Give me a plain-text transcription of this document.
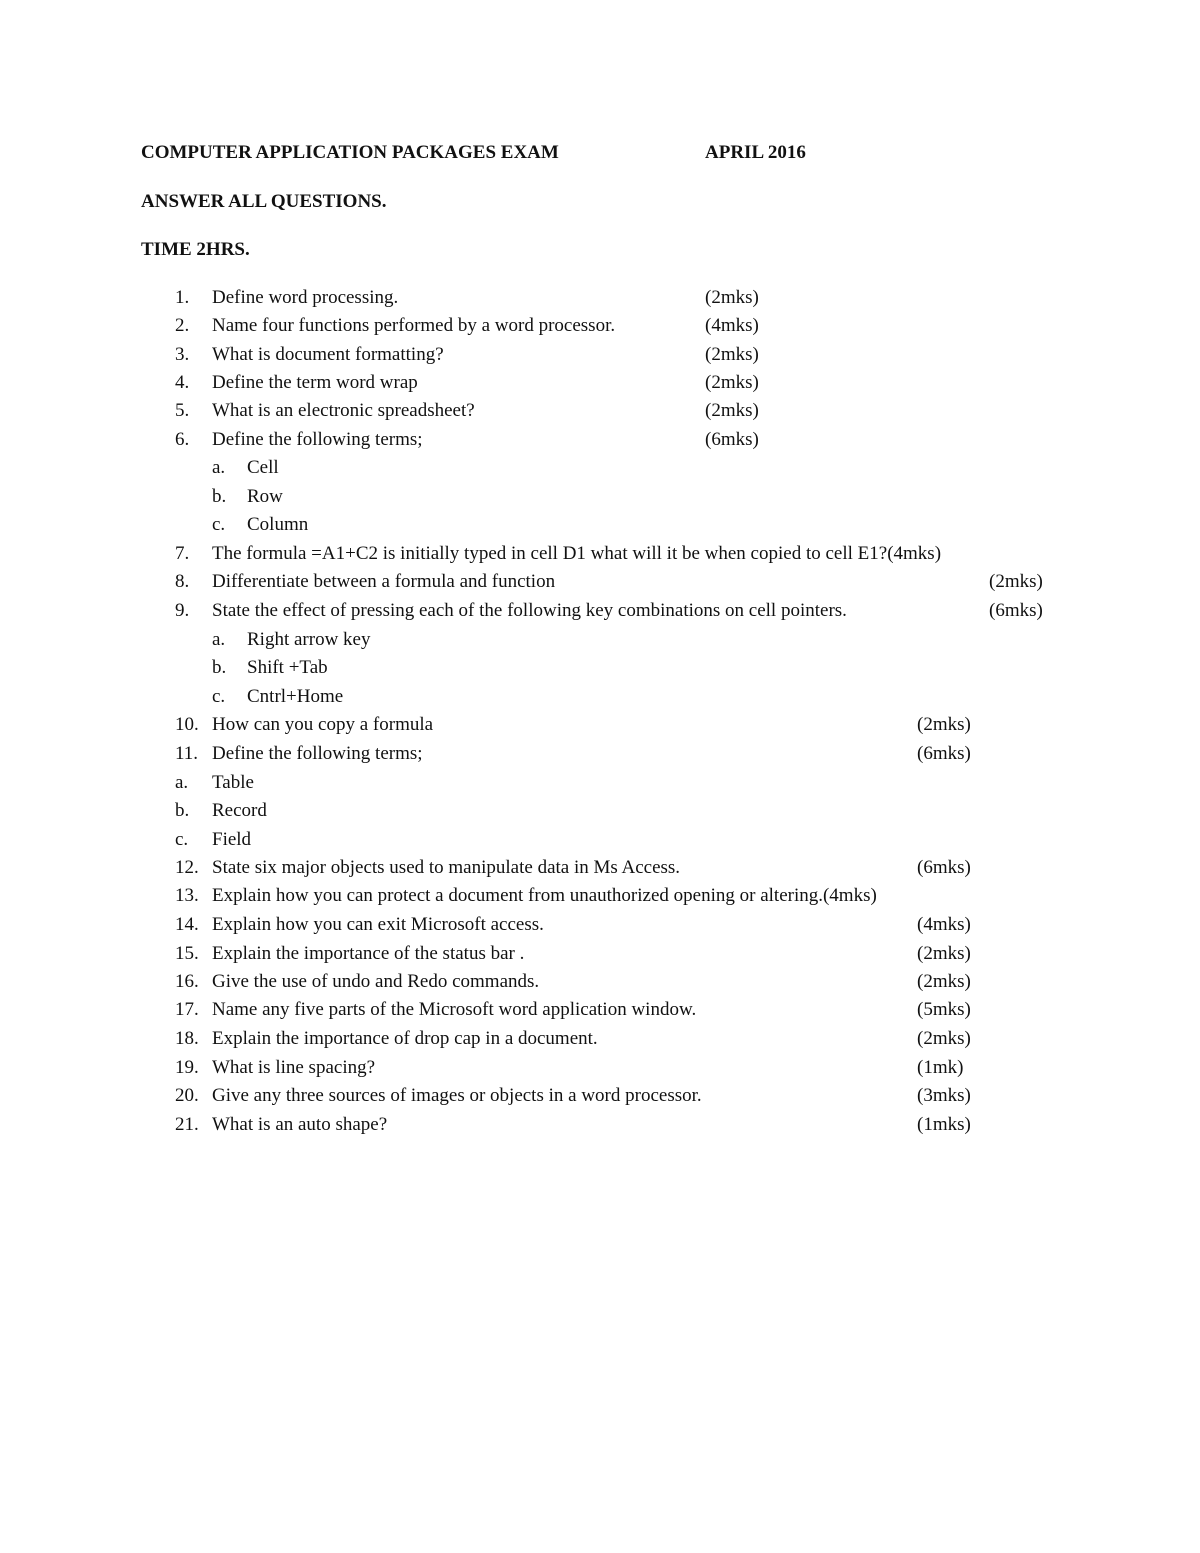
COMPUTER APPLICATION PACKAGES EXAM	APRIL 2016
ANSWER ALL QUESTIONS.
TIME 2HRS.
1. Define word processing.	(2mks)
2. Name four functions performed by a word processor.	(4mks)
3. What is document formatting?	(2mks)
4. Define the term word wrap	(2mks)
5. What is an electronic spreadsheet?	(2mks)
6. Define the following terms;	(6mks)
a. Cell
b. Row
c. Column
7. The formula =A1+C2 is initially typed in cell D1 what will it be when copied to cell E1?(4mks)
8. Differentiate between a formula and function	(2mks)
9. State the effect of pressing each of the following key combinations on cell pointers.	(6mks)
a. Right arrow key
b. Shift +Tab
c. Cntrl+Home
10. How can you copy a formula	(2mks)
11. Define the following terms;	(6mks)
a. Table
b. Record
c. Field
12. State six major objects used to manipulate data in Ms Access.	(6mks)
13. Explain how you can protect a document from unauthorized opening or altering.(4mks)
14. Explain how you can exit Microsoft access.	(4mks)
15. Explain the importance of the status bar .	(2mks)
16. Give the use of undo and Redo commands.	(2mks)
17. Name any five parts of the Microsoft word application window.	(5mks)
18. Explain the importance of drop cap in a document.	(2mks)
19. What is line spacing?	(1mk)
20. Give any three sources of images or objects in a word processor.	(3mks)
21. What is an auto shape?	(1mks)
